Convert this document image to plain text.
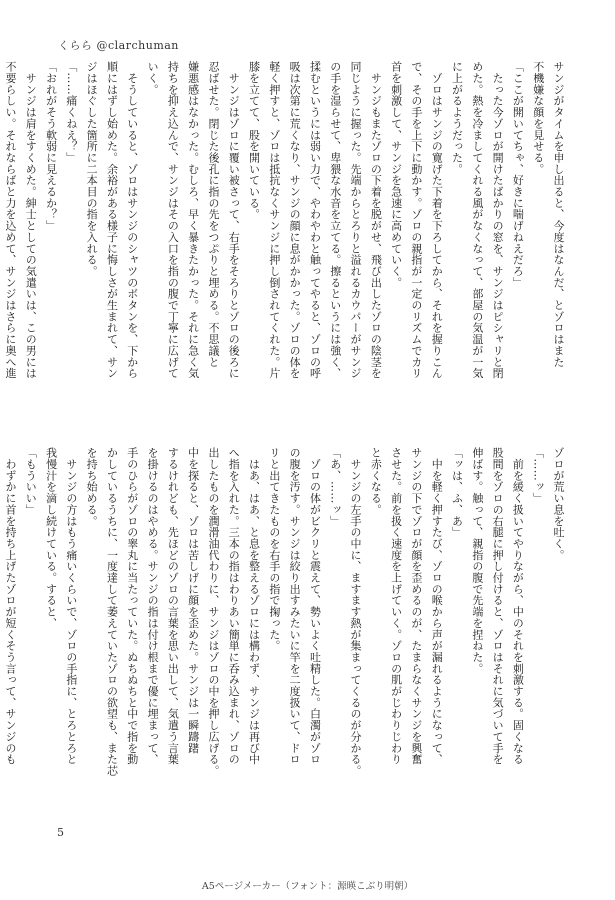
くらら @clarchuman

サンジがタイムを申し出ると、今度はなんだ、とゾロはまた

不機嫌な顔を見せる。

「ここが開いてちゃ、好きに喘げねえだろ」

　たった今ゾロが開けたばかりの窓を、サンジはピシャリと閉

めた。熱を冷ましてくれる風がなくなって、部屋の気温が一気

に上がるようだった。

　ゾロはサンジの寛げた下着を下ろしてから、それを握りこん

で、その手を上下に動かす。ゾロの親指が一定のリズムでカリ

首を刺激して、サンジを急速に高めていく。

　サンジもまたゾロの下着を脱がせ、飛び出したゾロの陰茎を

同じように握った。先端からとろりと溢れるカウパーがサンジ

の手を湿らせて、卑猥な水音を立てる。擦るというには強く、

揉むというには弱い力で、やわやわと触ってやると、ゾロの呼

吸は次第に荒くなり、サンジの顔に息がかかった。ゾロの体を

軽く押すと、ゾロは抵抗なくサンジに押し倒されてくれた。片

膝を立てて、股を開いている。

　サンジはゾロに覆い被さって、右手をそろりとゾロの後ろに

忍ばせた。閉じた後孔に指の先をつぷりと埋める。不思議と

嫌悪感はなかった。むしろ、早く暴きたかった。それに急く気

持ちを抑え込んで、サンジはその入口を指の腹で丁寧に広げて

いく。

　そうしていると、ゾロはサンジのシャツのボタンを、下から

順にはずし始めた。余裕がある様子に悔しさが生まれて、サン

ジはほぐした箇所に二本目の指を入れる。

「……痛くねえ？」

「おれがそう軟弱に見えるか？」

　サンジは肩をすくめた。紳士としての気遣いは、この男には

不要らしい。それならばと力を込めて、サンジはさらに奥へ進

ゾロが荒い息を吐く。

「……ッ」

　前を緩く扱いてやりながら、中のそれを刺激する。固くなる

股間をゾロの右腿に押し付けると、ゾロはそれに気づいて手を

伸ばす。触って、親指の腹で先端を捏ねた。

「ッは、ふ、あ」

　中を軽く押すたび、ゾロの喉から声が漏れるようになって、

サンジの下でゾロが顔を歪めるのが、たまらなくサンジを興奮

させた。前を扱く速度を上げていく。ゾロの肌がじわりじわり

と赤くなる。

　サンジの左手の中に、ますます熱が集まってくるのが分かる。

「あ、……ッ」

　ゾロの体がビクリと震えて、勢いよく吐精した。白濁がゾロ

の腹を汚す。サンジは絞り出すみたいに竿を二度扱いて、ドロ

リと出てきたものを右手の指で掬った。

　はあ、はあ、と息を整えるゾロには構わず、サンジは再び中

へ指を入れた。三本の指はわりあい簡単に呑み込まれ、ゾロの

出したものを潤滑油代わりに、サンジはゾロの中を押し広げる。

中を探ると、ゾロは苦しげに顔を歪めた。サンジは一瞬躊躇

するけれども、先ほどのゾロの言葉を思い出して、気遣う言葉

を掛けるのはやめる。サンジの指は付け根まで優に埋まって、

手のひらがゾロの睾丸に当たっていた。ぬちぬちと中で指を動

かしているうちに、一度達して萎えていたゾロの欲望も、また芯

を持ち始める。

　サンジの方はもう痛いくらいで、ゾロの手指に、とろとろと

我慢汁を滴し続けている。すると、

「もういい」

　わずかに首を持ち上げたゾロが短くそう言って、サンジのも

5
A5ページメーカー（フォント：源暎こぶり明朝）
